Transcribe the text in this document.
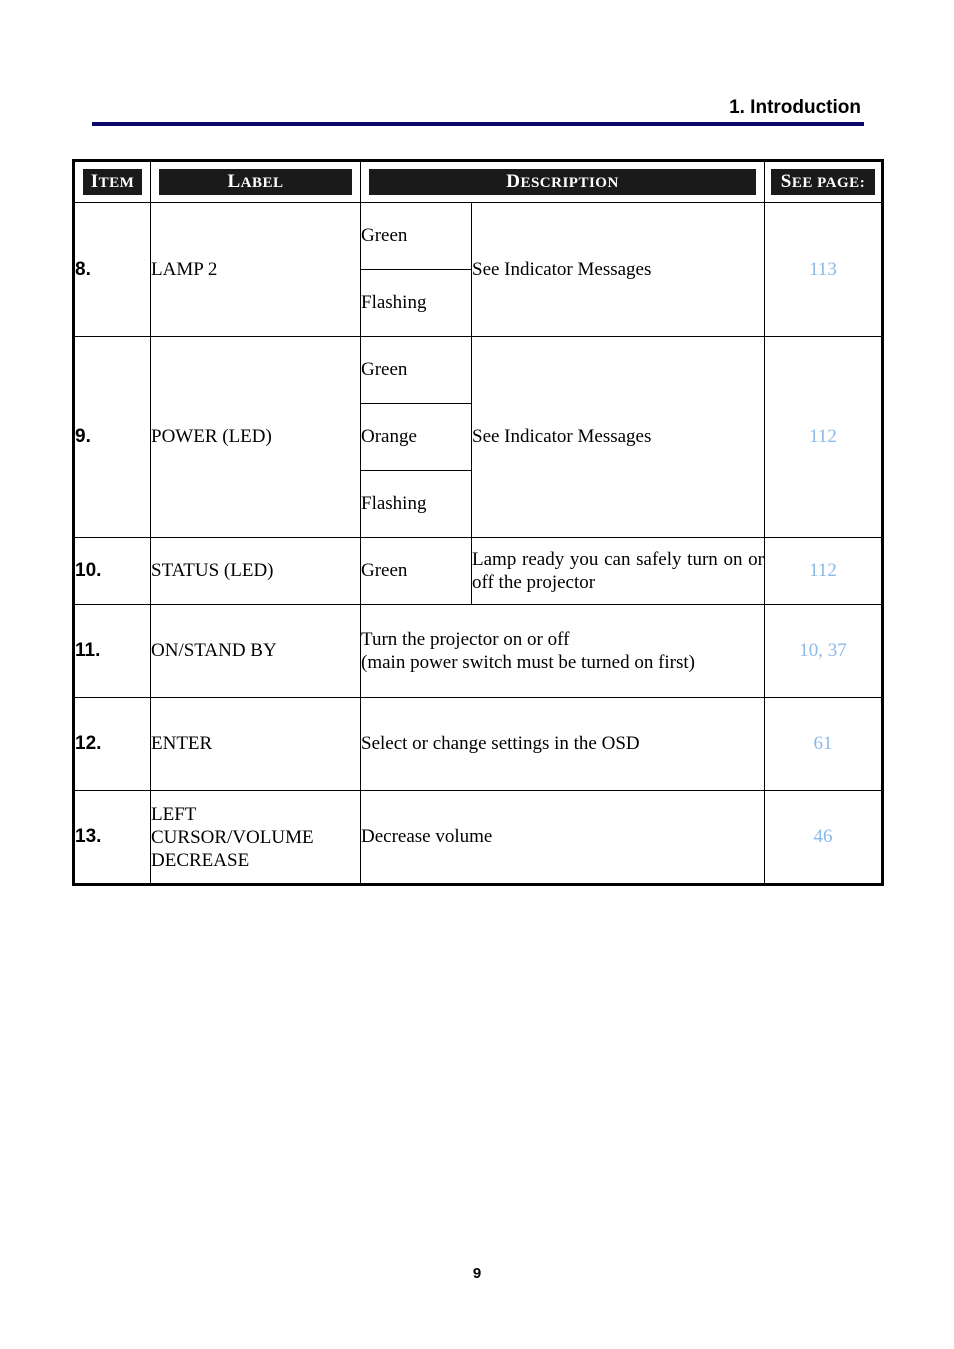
1. Introduction
ITEM	LABEL	DESCRIPTION		SEE PAGE:

8.	LAMP 2	Green	See Indicator Messages	113
		Flashing		
9.	POWER (LED)	Green	See Indicator Messages	112
		Orange		
		Flashing		
10.	STATUS (LED)	Green	Lamp ready you can safely turn on or off the projector	112
11.	ON/STAND BY	Turn the projector on or off
(main power switch must be turned on first)		10, 37
12.	ENTER	Select or change settings in the OSD		61
13.	LEFT
CURSOR/VOLUME
DECREASE	Decrease volume		46
9
